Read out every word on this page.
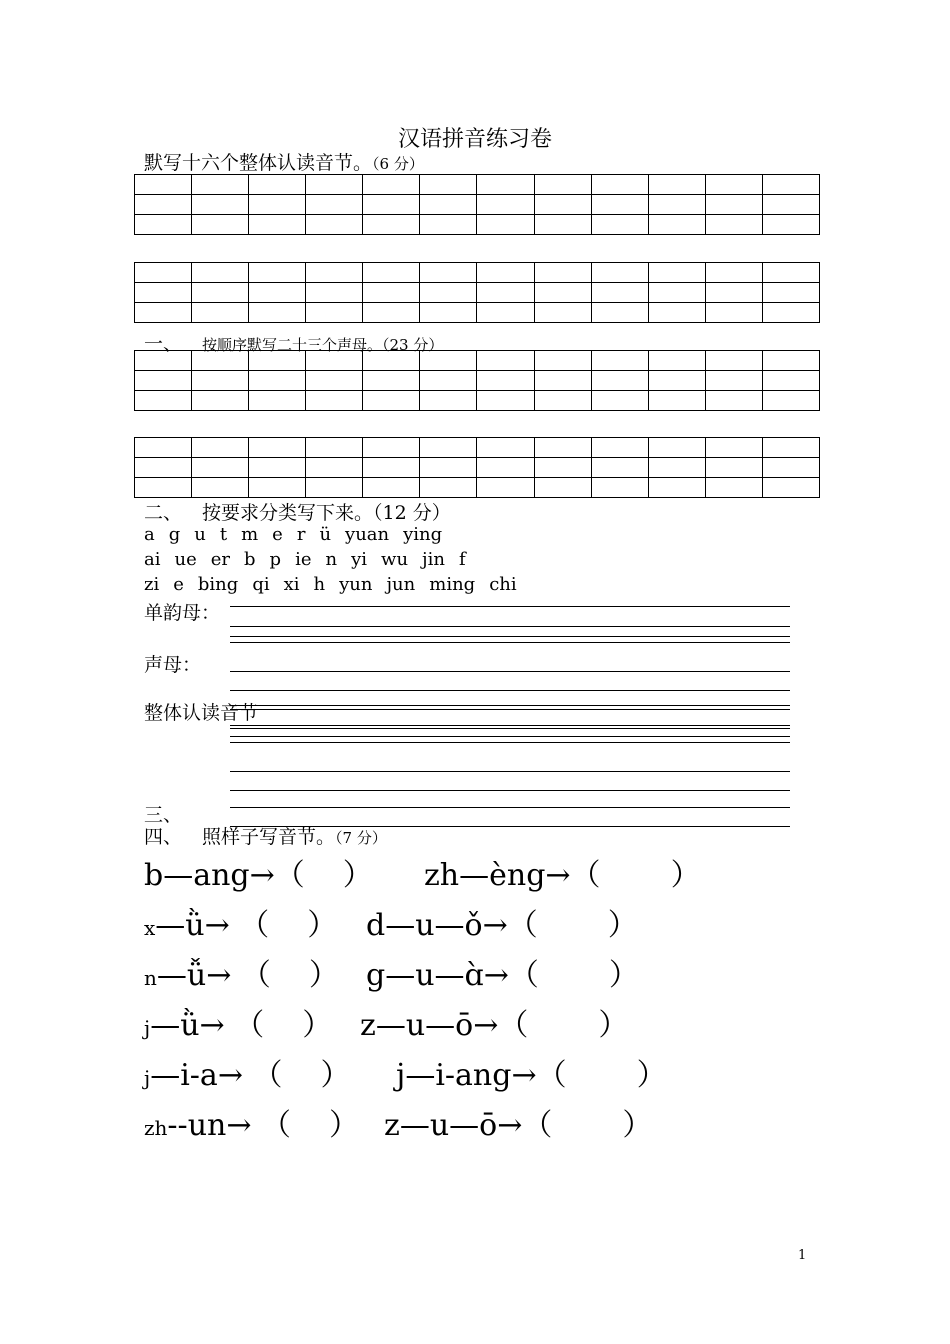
汉语拼音练习卷
默写十六个整体认读音节。（6 分）

一、 按顺序默写二十三个声母。（23 分）

二、 按要求分类写下来。（12 分）
a g u t m e r ü yuan ying
ai ue er b p ie n yi wu jin f
zi e bing qi xi h yun jun ming chi
单韵母：
声母：
整体认读音节
三、
四、 照样子写音节。（7 分）
b—ang→（ ） zh—èng→（ ）
x—ǜ→ （ ） d—u—ǒ→（ ）
n—ǚ→ （ ） g—u—ɑ̀→（ ）
j—ǜ→ （ ） z—u—ō→（ ）
j—i-a→ （ ） j—i-ang→（ ）
zh--un→ （ ） z—u—ō→（ ）
1
